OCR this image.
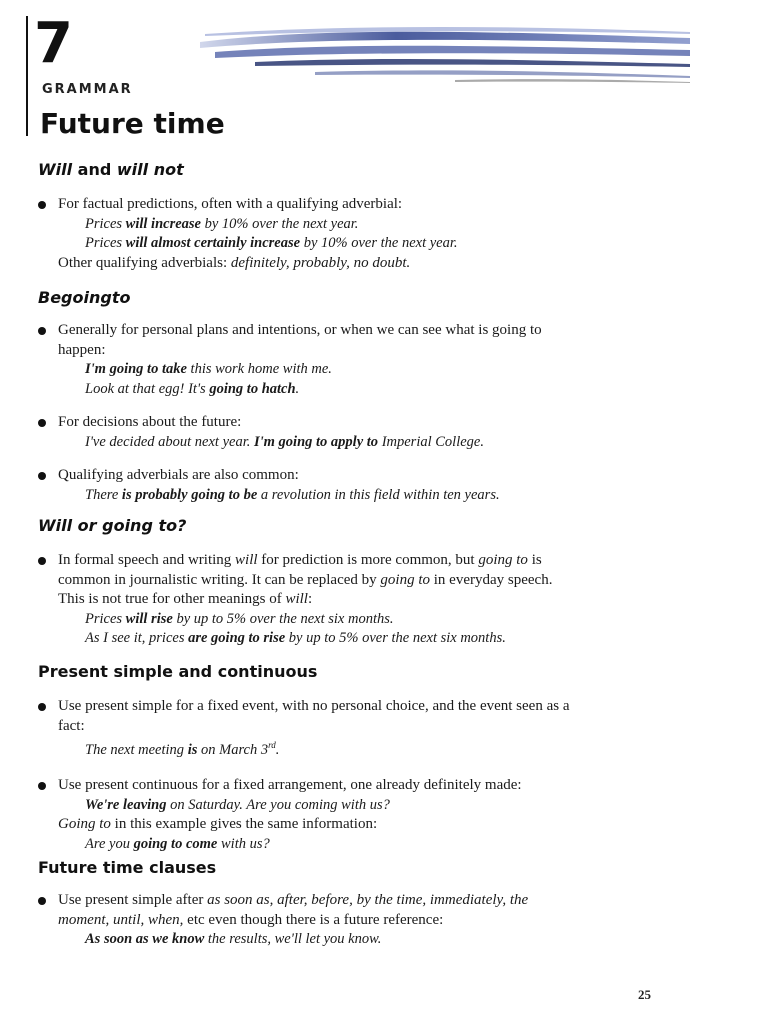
7
GRAMMAR
Future time

Will and will not

For factual predictions, often with a qualifying adverbial:

Prices will increase by 10% over the next year.

Prices will almost certainly increase by 10% over the next year.

Other qualifying adverbials: definitely, probably, no doubt.

Begoingto

Generally for personal plans and intentions, or when we can see what is going to
happen:

I'm going to take this work home with me.

Look at that egg! It's going to hatch.

For decisions about the future:

I've decided about next year. I'm going to apply to Imperial College.

Qualifying adverbials are also common:

There is probably going to be a revolution in this field within ten years.

Will or going to?

In formal speech and writing will for prediction is more common, but going to is
common in journalistic writing. It can be replaced by going to in everyday speech.
This is not true for other meanings of will:

Prices will rise by up to 5% over the next six months.

As I see it, prices are going to rise by up to 5% over the next six months.

Present simple and continuous

Use present simple for a fixed event, with no personal choice, and the event seen as a
fact:

The next meeting is on March 3rd.

Use present continuous for a fixed arrangement, one already definitely made:

We're leaving on Saturday. Are you coming with us?

Going to in this example gives the same information:

Are you going to come with us?

Future time clauses

Use present simple after as soon as, after, before, by the time, immediately, the
moment, until, when, etc even though there is a future reference:

As soon as we know the results, we'll let you know.

25
